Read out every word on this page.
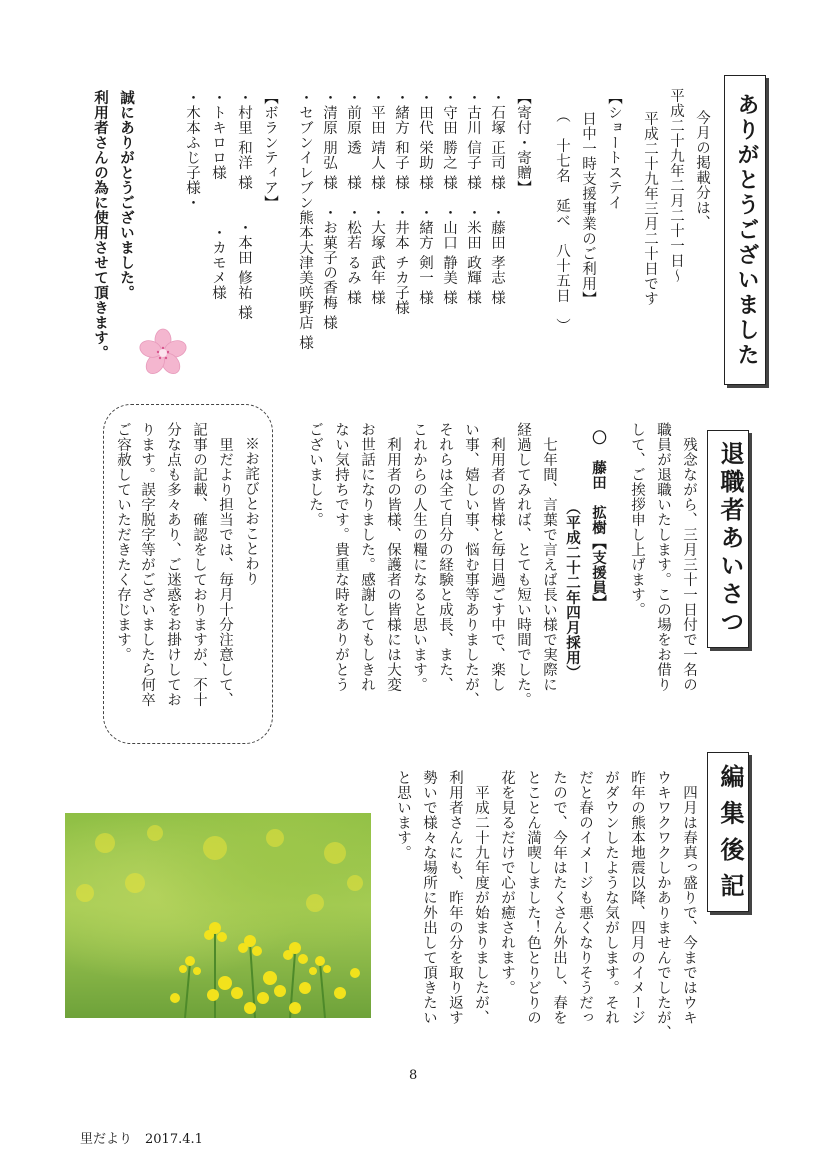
ありがとうございました
今月の掲載分は、
平成二十九年二月二十一日～
　平成二十九年三月二十日です
【ショートステイ
　日中一時支援事業のご利用】
（　十七名　延べ　八十五日　）
【寄付・寄贈】
・石塚 正司 様　・藤田 孝志 様
・古川 信子 様　・米田 政輝 様
・守田 勝之 様　・山口 静美 様
・田代 栄助 様　・緒方 剣一 様
・緒方 和子 様　・井本 チカ子様
・平田 靖人 様　・大塚 武年 様
・前原 透　 様　・松若 るみ 様
・清原 朋弘 様　・お菓子の香梅 様
・セブンイレブン熊本大津美咲野店 様
【ボランティア】
・村里 和洋 様　　・本田 修祐 様
・トキロロ様　　　・カモメ様
・木本ふじ子様・
誠にありがとうございました。
利用者さんの為に使用させて頂きます。
退職者あいさつ
　残念ながら、三月三十一日付で一名の
職員が退職いたします。この場をお借り
して、ご挨拶申し上げます。
〇　藤田　拡樹【支援員】
（平成二十二年四月採用）
　七年間、言葉で言えば長い様で実際に
経過してみれば、とても短い時間でした。
　利用者の皆様と毎日過ごす中で、楽し
い事、嬉しい事、悩む事等ありましたが、
それらは全て自分の経験と成長、また、
これからの人生の糧になると思います。
　利用者の皆様、保護者の皆様には大変
お世話になりました。感謝してもしきれ
ない気持ちです。貴重な時をありがとう
ございました。
※お詫びとおことわり
　里だより担当では、毎月十分注意して、
記事の記載、確認をしておりますが、不十
分な点も多々あり、ご迷惑をお掛けしてお
ります。誤字脱字等がございましたら何卒
ご容赦していただきたく存じます。
編 集 後 記
　四月は春真っ盛りで、今まではウキ
ウキワクワクしかありませんでしたが、
昨年の熊本地震以降、四月のイメージ
がダウンしたような気がします。それ
だと春のイメージも悪くなりそうだっ
たので、今年はたくさん外出し、春を
とことん満喫しました！色とりどりの
花を見るだけで心が癒されます。
　平成二十九年度が始まりましたが、
利用者さんにも、昨年の分を取り返す
勢いで様々な場所に外出して頂きたい
と思います。
8
里だより　2017.4.1
